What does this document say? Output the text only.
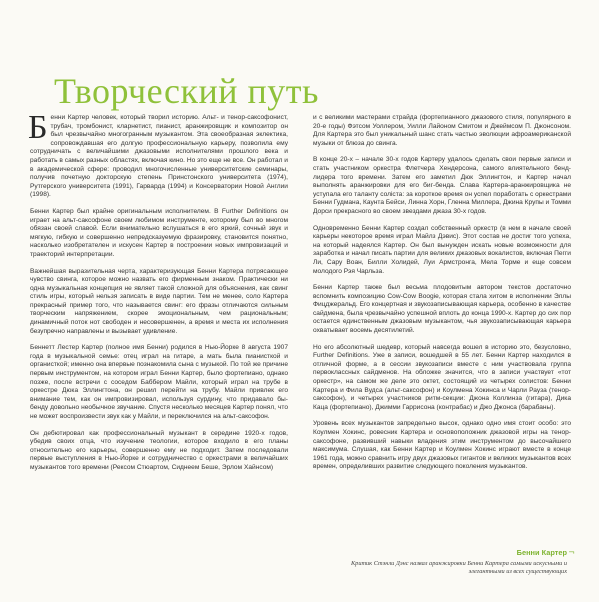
Творческий путь

Бенни Картер человек, который творил историю. Альт- и тенор-саксофонист, трубач, тромбонист, кларнетист, пианист, аранжировщик и композитор он был чрезвычайно многогранным музыкантом. Эта своеобразная эклектика, сопровождавшая его долгую профессиональную карьеру, позволила ему сотрудничать с величайшими джазовыми исполнителями прошлого века и работать в самых разных областях, включая кино. Но это еще не все. Он работал и в академической сфере: проводил многочисленные университетские семинары, получив почетную докторскую степень Принстонского университета (1974), Рутгерского университета (1991), Гарварда (1994) и Консерватории Новой Англии (1998).

Бенни Картер был крайне оригинальным исполнителем. В Further Definitions он играет на альт-саксофоне своем любимом инструменте, которому был во многом обязан своей славой. Если внимательно вслушаться в его яркий, сочный звук и мягкую, гибкую и совершенно непредсказуемую фразировку, становится понятно, насколько изобретателен и искусен Картер в построении новых импровизаций и траекторий интерпретации.

Важнейшая выразительная черта, характеризующая Бенни Картера потрясающее чувство свинга, которое можно назвать его фирменным знаком. Практически ни одна музыкальная концепция не являет такой сложной для объяснения, как свинг стиль игры, который нельзя записать в виде партии. Тем не менее, соло Картера прекрасный пример того, что называется свинг: его фразы отличаются сильным творческим напряжением, скорее эмоциональным, чем рациональным; динамичный поток нот свободен и несовершенен, а время и места их исполнения безупречно направлены и вызывает удивление.

Беннетт Лестер Картер (полное имя Бенни) родился в Нью-Йорке 8 августа 1907 года в музыкальной семье: отец играл на гитаре, а мать была пианисткой и органисткой; именно она впервые познакомила сына с музыкой. По той же причине первым инструментом, на котором играл Бенни Картер, было фортепиано, однако позже, после встречи с соседом Бабберoм Майли, который играл на трубе в оркестре Дюка Эллингтона, он решил перейти на трубу. Майли привлек его внимание тем, как он импровизировал, используя сурдину, что придавало бы-бенду довольно необычное звучание. Спустя несколько месяцев Картер понял, что не может воспроизвести звук как у Майли, и переключился на альт-саксофон.

Он дебютировал как профессиональный музыкант в середине 1920-х годов, убедив своих отца, что изучение теологии, которое входило в его планы относительно его карьеры, совершенно ему не подходит. Затем последовали первые выступления в Нью-Йорке и сотрудничество с оркестрами в величайших музыкантов того времени (Рексом Стюартом, Сиднеем Беше, Эрлом Хайнсом)

и с великими мастерами страйда (фортепианного джазового стиля, популярного в 20-е годы) Фэтсом Уоллером, Уилли Лайоном Смитом и Джеймсом П. Джонсоном. Для Картера это был уникальный шанс стать частью эволюции афроамериканской музыки от блюза до свинга.

В конце 20-х – начале 30-х годов Картеру удалось сделать свои первые записи и стать участником оркестра Флетчера Хендерсона, самого влиятельного бенд-лидера того времени. Затем его заметил Дюк Эллингтон, и Картер начал выполнять аранжировки для его биг-бенда. Слава Картера-аранжировщика не уступала его таланту соліста: за короткое время он успел поработать с оркестрами Бенни Гудмана, Каунта Бейси, Линна Хорн, Гленна Миллера, Джина Крупы и Томми Дорси прекрасного во своем звездами джаза 30-х годов.

Одновременно Бенни Картер создал собственный оркестр (в нем в начале своей карьеры некоторое время играл Майлз Дэвис). Этот состав не достиг того успеха, на который надеялся Картер. Он был вынужден искать новые возможности для заработка и начал писать партии для великих джазовых вокалистов, включая Пегги Ли, Сару Воан, Билли Холидей, Луи Армстронга, Мела Торме и еще совсем молодого Рэя Чарльза.

Бенни Картер также был весьма плодовитым автором текстов достаточно вспомнить композицию Cow-Cow Boogie, которая стала хитом в исполнении Эллы Фицджеральд. Его концертная и звукозаписывающая карьера, особенно в качестве сайдмена, была чрезвычайно успешной вплоть до конца 1990-х. Картер до сих пор остается единственным джазовым музыкантом, чья звукозаписывающая карьера охватывает восемь десятилетий.

Но его абсолютный шедевр, который навсегда вошел в историю это, безусловно, Further Definitions. Уже в записи, вошедшей в 55 лет. Бенни Картер находился в отличной форме, а в сессии звукозаписи вместе с ним участвовала группа первоклассных сайдменов. На обложке значится, что в записи участвует «тот оркестр», на самом же деле это октет, состоящий из четырех солистов: Бенни Картера и Фила Вудса (альт-саксофон) и Коулмена Хокинса и Чарли Рауза (тенор-саксофон), и четырех участников ритм-секции: Джона Коллинза (гитара), Дика Каца (фортепиано), Джимми Гаррисона (контрабас) и Джо Джонса (барабаны).

Уровень всех музыкантов запредельно высок, однако одно имя стоит особо: это Коулмен Хокинс, ровесник Картера и основоположник джазовой игры на тенор-саксофоне, развивший навыки владения этим инструментом до высочайшего максимума. Слушая, как Бенни Картер и Коулмен Хокинс играют вместе в конце 1961 года, можно сравнить игру двух джазовых гигантов и великих музыкантов всех времен, определивших развитие следующего поколения музыкантов.

Бенни Картер
Критик Стэнли Дэнс назвал аранжировки Бенни Картера самыми искусными и элегантными из всех существующих
¬
